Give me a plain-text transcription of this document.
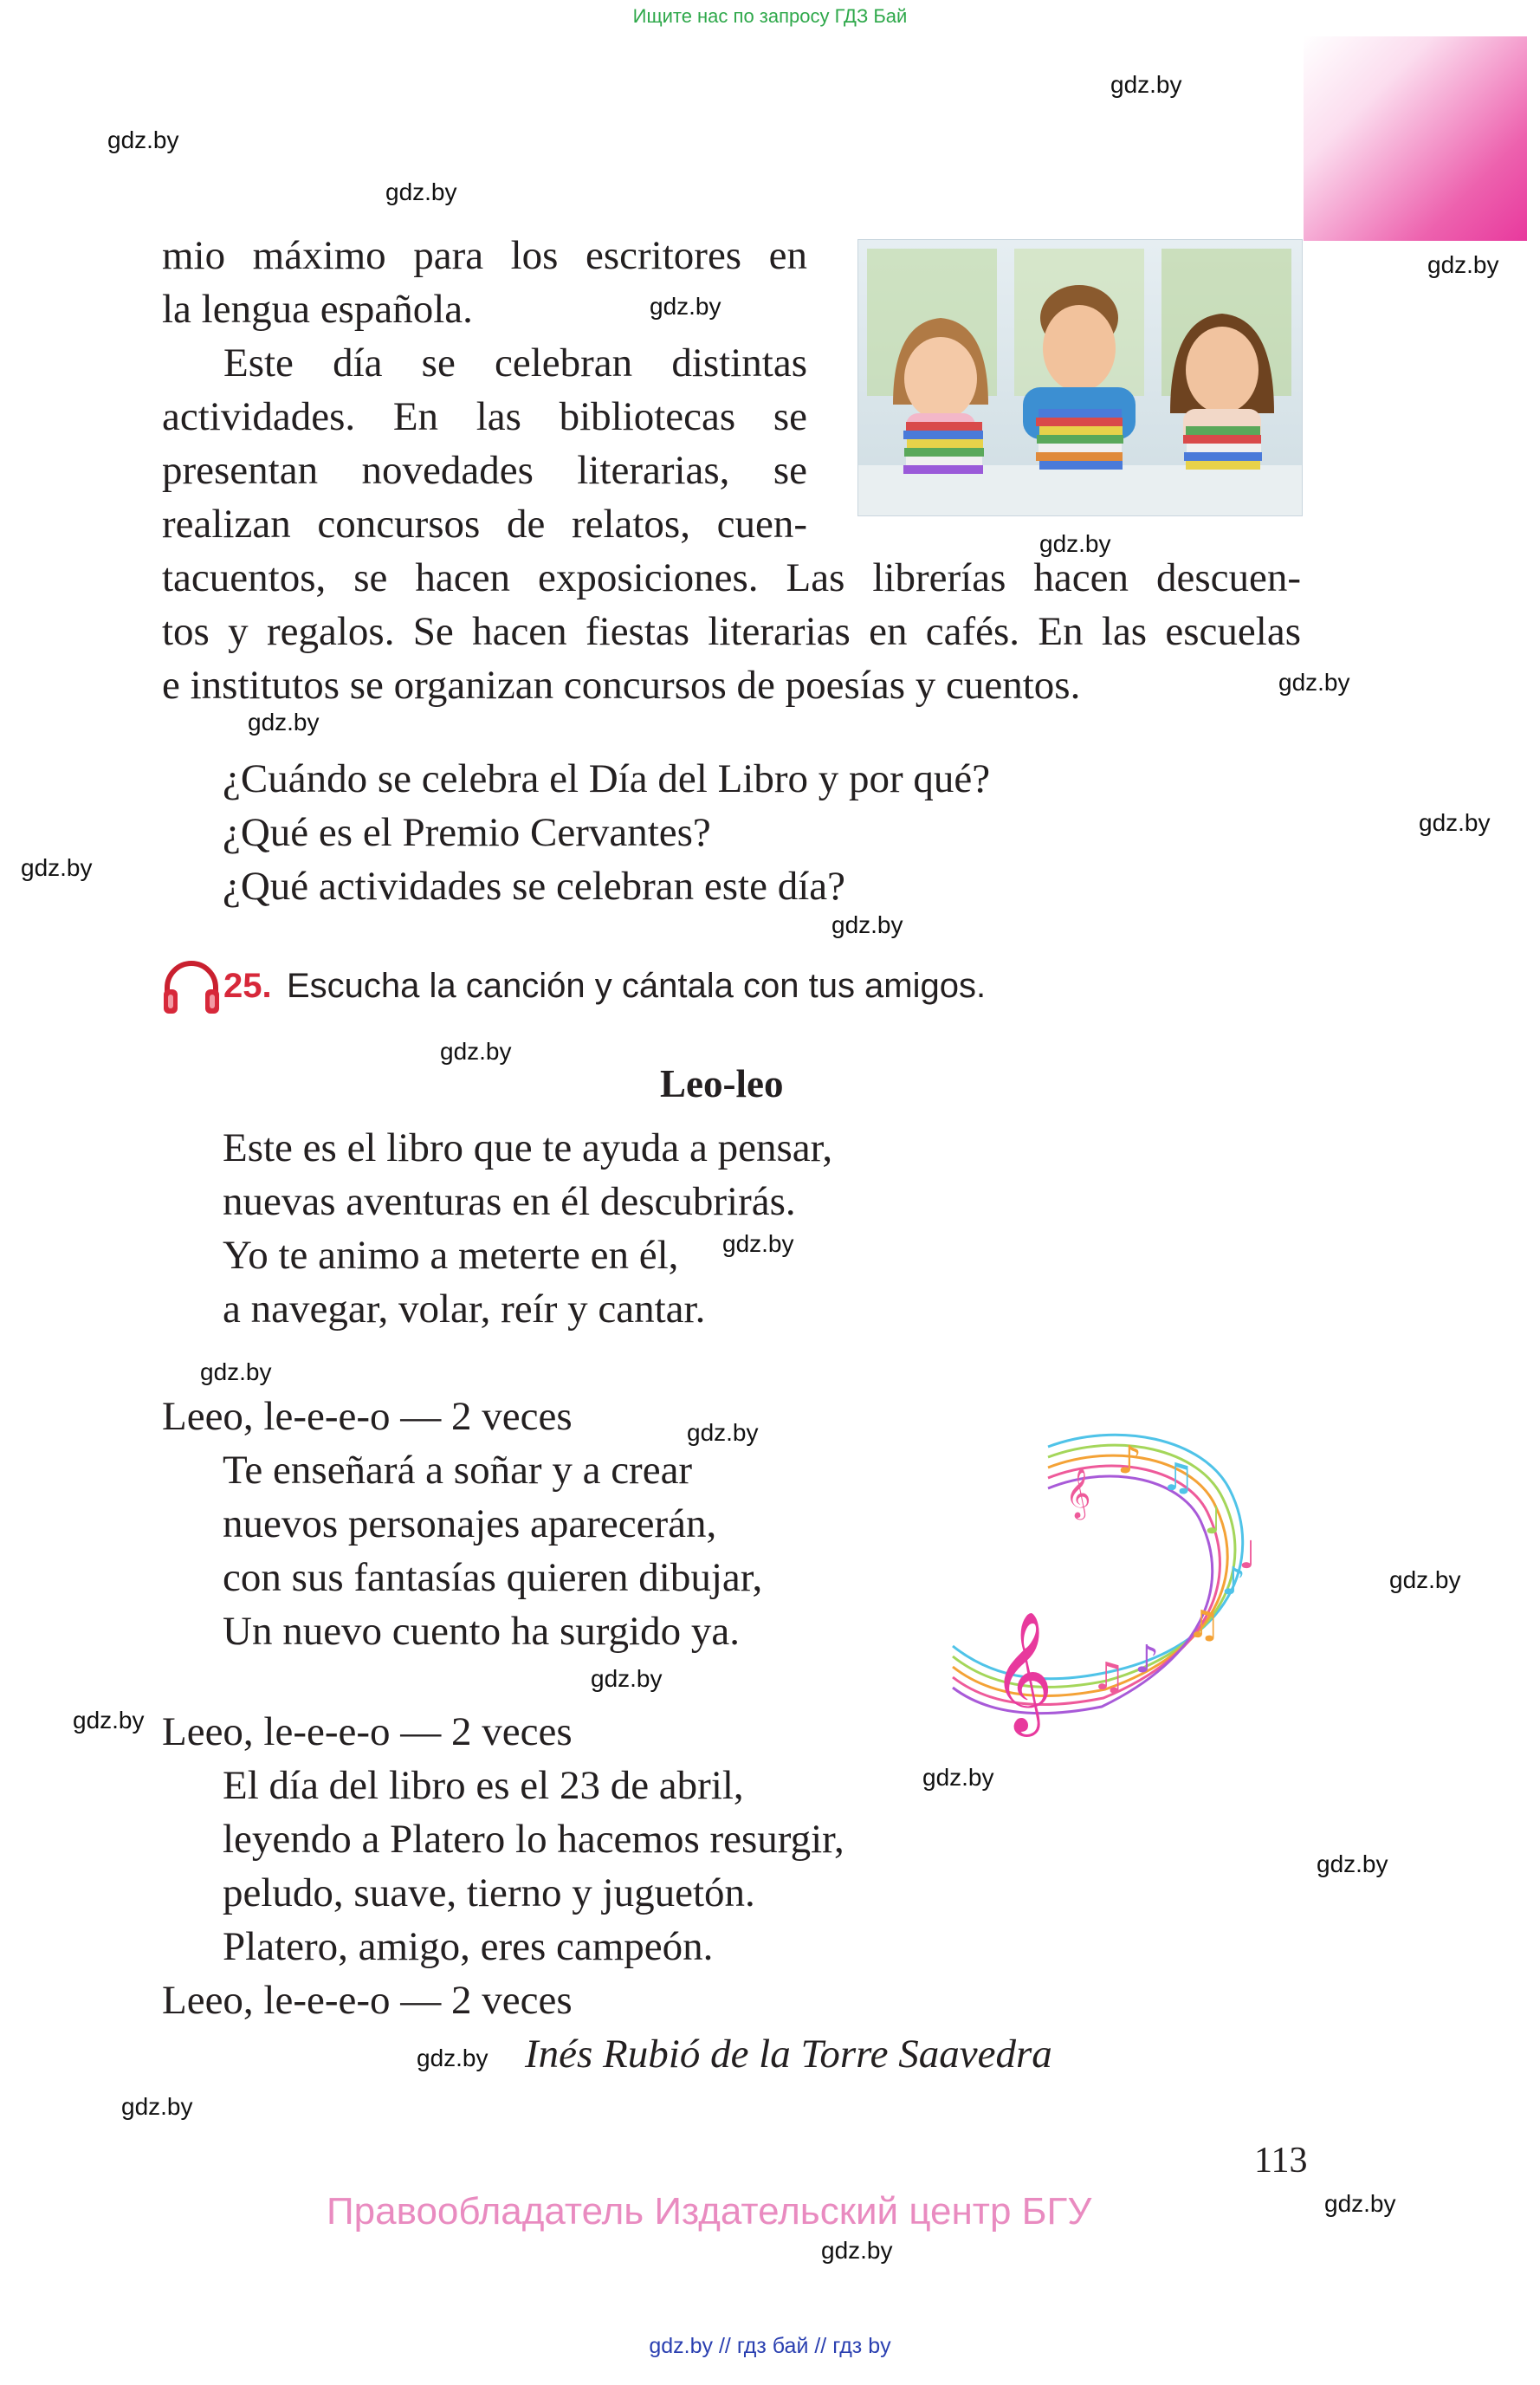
Ищите нас по запросу ГДЗ Бай
gdz.by
gdz.by
gdz.by
gdz.by
gdz.by
gdz.by
gdz.by
gdz.by
gdz.by
gdz.by
gdz.by
gdz.by
gdz.by
gdz.by
gdz.by
gdz.by
gdz.by
gdz.by
gdz.by
gdz.by
gdz.by
gdz.by
gdz.by
gdz.by
mio máximo para los escritores en
la lengua española.
Este día se celebran distintas
actividades. En las bibliotecas se
presentan novedades literarias, se
realizan concursos de relatos, cuen-
tacuentos, se hacen exposiciones. Las librerías hacen descuen-
tos y regalos. Se hacen fiestas literarias en cafés. En las escuelas
e institutos se organizan concursos de poesías y cuentos.
¿Cuándo se celebra el Día del Libro y por qué?
¿Qué es el Premio Cervantes?
¿Qué actividades se celebran este día?
25. Escucha la canción y cántala con tus amigos.
Leo-leo
Este es el libro que te ayuda a pensar,
nuevas aventuras en él descubrirás.
Yo te animo a meterte en él,
a navegar, volar, reír y cantar.
Leeo, le-e-e-o — 2 veces
Te enseñará a soñar y a crear
nuevos personajes aparecerán,
con sus fantasías quieren dibujar,
Un nuevo cuento ha surgido ya.
Leeo, le-e-e-o — 2 veces
El día del libro es el 23 de abril,
leyendo a Platero lo hacemos resurgir,
peludo, suave, tierno y juguetón.
Platero, amigo, eres campeón.
Leeo, le-e-e-o — 2 veces
Inés Rubió de la Torre Saavedra
𝄞
𝄞
♪ ♫
♩
♪
♫
♪
♫
♩
113
Правообладатель Издательский центр БГУ
gdz.by // гдз бай // гдз by
